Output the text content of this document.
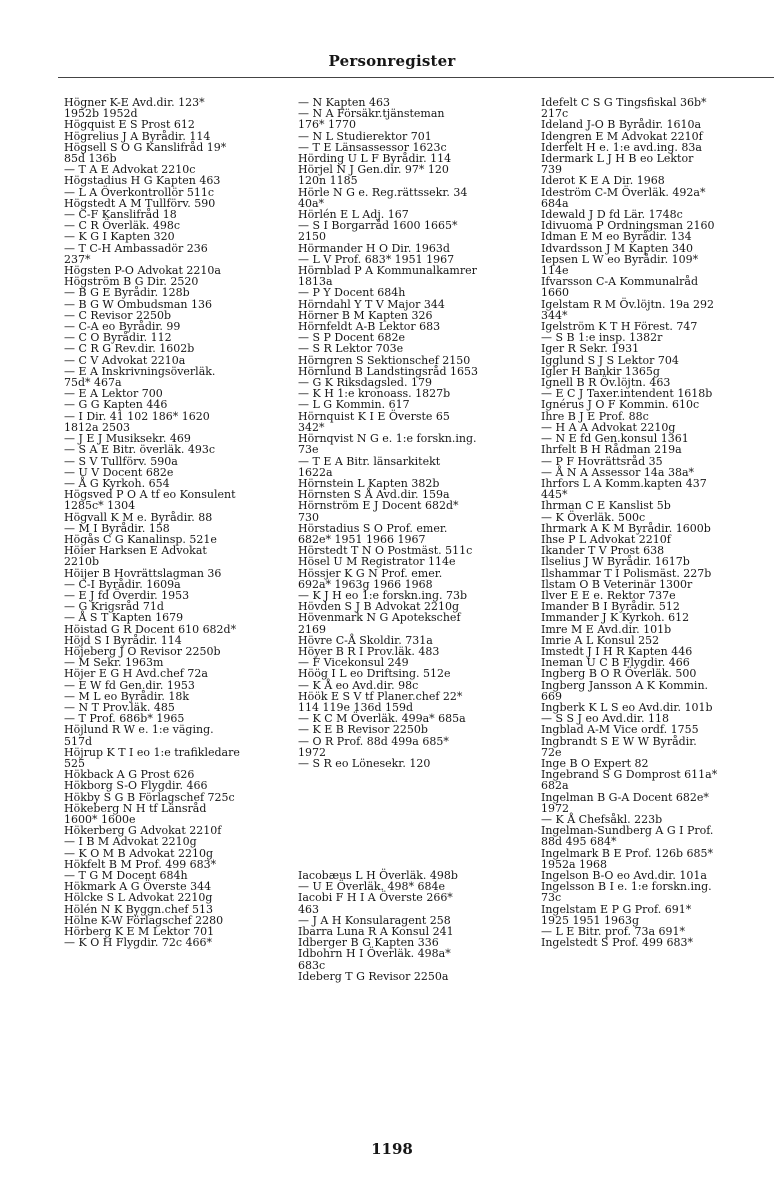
Personregister
Högner K-E Avd.dir. 123*
1952b 1952d
Högquist E S Prost 612
Högrelius J A Byrådir. 114
Högsell S O G Kanslifråd 19*
85d 136b
— T A E Advokat 2210c
Högstadius H G Kapten 463
— L A Överkontrollör 511c
Högstedt A M Tullförv. 590
— C-F Kanslifråd 18
— C R Överläk. 498c
— K G I Kapten 320
— T C-H Ambassadör 236
237*
Högsten P-O Advokat 2210a
Högström B G Dir. 2520
— B G E Byrådir. 128b
— B G W Ombudsman 136
— C Revisor 2250b
— C-A eo Byrådir. 99
— C O Byrådir. 112
— C R G Rev.dir. 1602b
— C V Advokat 2210a
— E A Inskrivningsöverläk.
75d* 467a
— E A Lektor 700
— G G Kapten 446
— I Dir. 41 102 186* 1620
1812a 2503
— J E J Musiksekr. 469
— S A E Bitr. överläk. 493c
— S V Tullförv. 590a
— U V Docent 682e
— Å G Kyrkoh. 654
Högsved P O A tf eo Konsulent
1285c* 1304
Högvall K M e. Byrådir. 88
— M I Byrådir. 158
Högås C G Kanalinsp. 521e
Höier Harksen E Advokat
2210b
Höijer B Hovrättslagman 36
— C-I Byrådir. 1609a
— E J fd Överdir. 1953
— G Krigsråd 71d
— Å S T Kapten 1679
Höistad G R Docent 610 682d*
Höjd S I Byrådir. 114
Höjeberg J O Revisor 2250b
— M Sekr. 1963m
Höjer E G H Avd.chef 72a
— E W fd Gen.dir. 1953
— M L eo Byrådir. 18k
— N T Prov.läk. 485
— T Prof. 686b* 1965
Höjlund R W e. 1:e väging.
517d
Höjrup K T I eo 1:e trafikledare
525
Hökback A G Prost 626
Hökborg S-O Flygdir. 466
Hökby S G B Förlagschef 725c
Hökeberg N H tf Länsråd
1600* 1600e
Hökerberg G Advokat 2210f
— I B M Advokat 2210g
— K O M B Advokat 2210g
Hökfelt B M Prof. 499 683*
— T G M Docent 684h
Hökmark A G Överste 344
Hölcke S L Advokat 2210g
Hölén N K Byggn.chef 513
Hölne K-W Förlagschef 2280
Hörberg K E M Lektor 701
— K O H Flygdir. 72c 466*
— N Kapten 463
— N A Försäkr.tjänsteman
176* 1770
— N L Studierektor 701
— T E Länsassessor 1623c
Hörding U L F Byrådir. 114
Hörjel N J Gen.dir. 97* 120
120n 1185
Hörle N G e. Reg.rättssekr. 34
40a*
Hörlén E L Adj. 167
— S I Borgarråd 1600 1665*
2150
Hörmander H O Dir. 1963d
— L V Prof. 683* 1951 1967
Hörnblad P A Kommunalkamrer
1813a
— P Y Docent 684h
Hörndahl Y T V Major 344
Hörner B M Kapten 326
Hörnfeldt A-B Lektor 683
— S P Docent 682e
— S R Lektor 703e
Hörngren S Sektionschef 2150
Hörnlund B Landstingsråd 1653
— G K Riksdagsled. 179
— K H 1:e kronoass. 1827b
— L G Kommin. 617
Hörnquist K I E Överste 65
342*
Hörnqvist N G e. 1:e forskn.ing.
73e
— T E A Bitr. länsarkitekt
1622a
Hörnstein L Kapten 382b
Hörnsten S Å Avd.dir. 159a
Hörnström E J Docent 682d*
730
Hörstadius S O Prof. emer.
682e* 1951 1966 1967
Hörstedt T N O Postmäst. 511c
Hösel U M Registrator 114e
Hössjer K G N Prof. emer.
692a* 1963g 1966 1968
— K J H eo 1:e forskn.ing. 73b
Hövden S J B Advokat 2210g
Hövenmark N G Apotekschef
2169
Hövre C-Å Skoldir. 731a
Höyer B R I Prov.läk. 483
— F Vicekonsul 249
Höög I L eo Driftsing. 512e
— K Å eo Avd.dir. 98c
Höök E S V tf Planer.chef 22*
114 119e 136d 159d
— K C M Överläk. 499a* 685a
— K E B Revisor 2250b
— O R Prof. 88d 499a 685*
1972
— S R eo Lönesekr. 120

Iacobæus L H Överläk. 498b
— U E Överläk. 498* 684e
Iacobi F H I A Överste 266*
463
— J A H Konsularagent 258
Ibarra Luna R A Konsul 241
Idberger B G Kapten 336
Idbohrn H I Överläk. 498a*
683c
Ideberg T G Revisor 2250a
Idefelt C S G Tingsfiskal 36b*
217c
Ideland J-O B Byrådir. 1610a
Idengren E M Advokat 2210f
Iderfelt H e. 1:e avd.ing. 83a
Idermark L J H B eo Lektor
739
Iderot K E A Dir. 1968
Ideström C-M Överläk. 492a*
684a
Idewald J D fd Lär. 1748c
Idivuoma P Ordningsman 2160
Idman E M eo Byrådir. 134
Idvardsson J M Kapten 340
Iepsen L W eo Byrådir. 109*
114e
Ifvarsson C-A Kommunalråd
1660
Igelstam R M Öv.löjtn. 19a 292
344*
Igelström K T H Förest. 747
— S B 1:e insp. 1382r
Iger R Sekr. 1931
Igglund S J S Lektor 704
Igler H Bankir 1365g
Ignell B R Öv.löjtn. 463
— E C J Taxer.intendent 1618b
Ignérus J O F Kommin. 610c
Ihre B J E Prof. 88c
— H A A Advokat 2210g
— N E fd Gen.konsul 1361
Ihrfelt B H Rådman 219a
— P F Hovrättsråd 35
— Å N A Assessor 14a 38a*
Ihrfors L A Komm.kapten 437
445*
Ihrman C E Kanslist 5b
— K Överläk. 500c
Ihrmark A K M Byrådir. 1600b
Ihse P L Advokat 2210f
Ikander T V Prost 638
Ilselius J W Byrådir. 1617b
Ilshammar T I Polismäst. 227b
Ilstam O B Veterinär 1300r
Ilver E E e. Rektor 737e
Imander B I Byrådir. 512
Immander J K Kyrkoh. 612
Imre M E Avd.dir. 101b
Imrie A L Konsul 252
Imstedt J I H R Kapten 446
Ineman U C B Flygdir. 466
Ingberg B O R Överläk. 500
Ingberg Jansson A K Kommin.
669
Ingberk K L S eo Avd.dir. 101b
— S S J eo Avd.dir. 118
Ingblad A-M Vice ordf. 1755
Ingbrandt S E W W Byrådir.
72e
Inge B O Expert 82
Ingebrand S G Domprost 611a*
682a
Ingelman B G-A Docent 682e*
1972
— K Å Chefsåkl. 223b
Ingelman-Sundberg A G I Prof.
88d 495 684*
Ingelmark B E Prof. 126b 685*
1952a 1968
Ingelson B-O eo Avd.dir. 101a
Ingelsson B I e. 1:e forskn.ing.
73c
Ingelstam E P G Prof. 691*
1925 1951 1963g
— L E Bitr. prof. 73a 691*
Ingelstedt S Prof. 499 683*
1198
